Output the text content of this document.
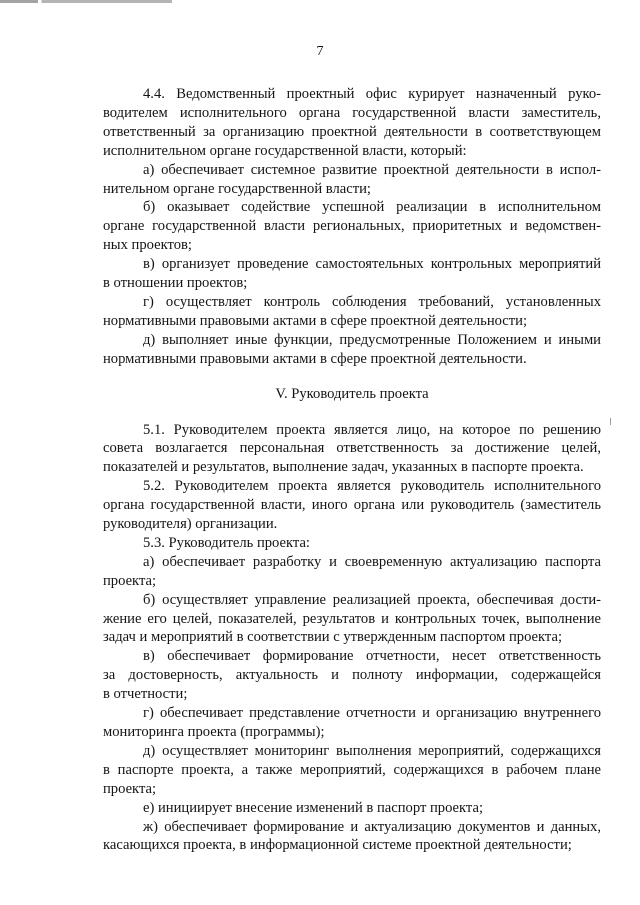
7
4.4. Ведомственный проектный офис курирует назначенный руко-
водителем исполнительного органа государственной власти заместитель,
ответственный за организацию проектной деятельности в соответствующем
исполнительном органе государственной власти, который:
а) обеспечивает системное развитие проектной деятельности в испол-
нительном органе государственной власти;
б) оказывает содействие успешной реализации в исполнительном
органе государственной власти региональных, приоритетных и ведомствен-
ных проектов;
в) организует проведение самостоятельных контрольных мероприятий
в отношении проектов;
г) осуществляет контроль соблюдения требований, установленных
нормативными правовыми актами в сфере проектной деятельности;
д) выполняет иные функции, предусмотренные Положением и иными
нормативными правовыми актами в сфере проектной деятельности.
V. Руководитель проекта
5.1. Руководителем проекта является лицо, на которое по решению
совета возлагается персональная ответственность за достижение целей,
показателей и результатов, выполнение задач, указанных в паспорте проекта.
5.2. Руководителем проекта является руководитель исполнительного
органа государственной власти, иного органа или руководитель (заместитель
руководителя) организации.
5.3. Руководитель проекта:
а) обеспечивает разработку и своевременную актуализацию паспорта
проекта;
б) осуществляет управление реализацией проекта, обеспечивая дости-
жение его целей, показателей, результатов и контрольных точек, выполнение
задач и мероприятий в соответствии с утвержденным паспортом проекта;
в) обеспечивает формирование отчетности, несет ответственность
за достоверность, актуальность и полноту информации, содержащейся
в отчетности;
г) обеспечивает представление отчетности и организацию внутреннего
мониторинга проекта (программы);
д) осуществляет мониторинг выполнения мероприятий, содержащихся
в паспорте проекта, а также мероприятий, содержащихся в рабочем плане
проекта;
е) инициирует внесение изменений в паспорт проекта;
ж) обеспечивает формирование и актуализацию документов и данных,
касающихся проекта, в информационной системе проектной деятельности;
